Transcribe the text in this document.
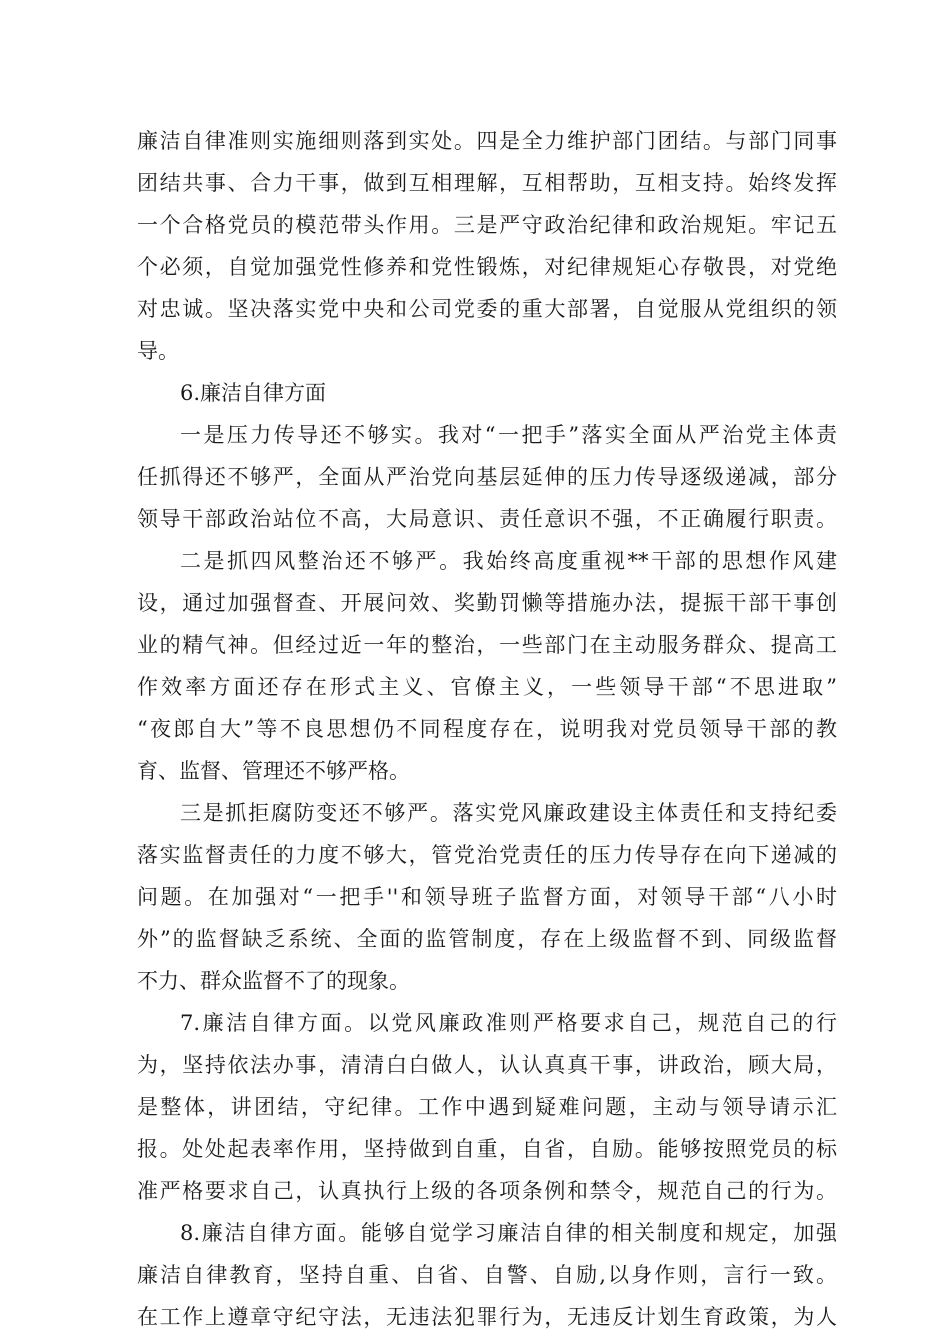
廉洁自律准则实施细则落到实处。四是全力维护部门团结。与部门同事
团结共事、合力干事，做到互相理解，互相帮助，互相支持。始终发挥
一个合格党员的模范带头作用。三是严守政治纪律和政治规矩。牢记五
个必须，自觉加强党性修养和党性锻炼，对纪律规矩心存敬畏，对党绝
对忠诚。坚决落实党中央和公司党委的重大部署，自觉服从党组织的领
导。
6.廉洁自律方面
一是压力传导还不够实。我对“一把手”落实全面从严治党主体责
任抓得还不够严，全面从严治党向基层延伸的压力传导逐级递减，部分
领导干部政治站位不高，大局意识、责任意识不强，不正确履行职责。
二是抓四风整治还不够严。我始终高度重视**干部的思想作风建
设，通过加强督查、开展问效、奖勤罚懒等措施办法，提振干部干事创
业的精气神。但经过近一年的整治，一些部门在主动服务群众、提高工
作效率方面还存在形式主义、官僚主义，一些领导干部“不思进取”
“夜郎自大”等不良思想仍不同程度存在，说明我对党员领导干部的教
育、监督、管理还不够严格。
三是抓拒腐防变还不够严。落实党风廉政建设主体责任和支持纪委
落实监督责任的力度不够大，管党治党责任的压力传导存在向下递减的
问题。在加强对“一把手''和领导班子监督方面，对领导干部“八小时
外”的监督缺乏系统、全面的监管制度，存在上级监督不到、同级监督
不力、群众监督不了的现象。
7.廉洁自律方面。以党风廉政准则严格要求自己，规范自己的行
为，坚持依法办事，清清白白做人，认认真真干事，讲政治，顾大局，
是整体，讲团结，守纪律。工作中遇到疑难问题，主动与领导请示汇
报。处处起表率作用，坚持做到自重，自省，自励。能够按照党员的标
准严格要求自己，认真执行上级的各项条例和禁令，规范自己的行为。
8.廉洁自律方面。能够自觉学习廉洁自律的相关制度和规定，加强
廉洁自律教育，坚持自重、自省、自警、自励,以身作则，言行一致。
在工作上遵章守纪守法，无违法犯罪行为，无违反计划生育政策，为人
